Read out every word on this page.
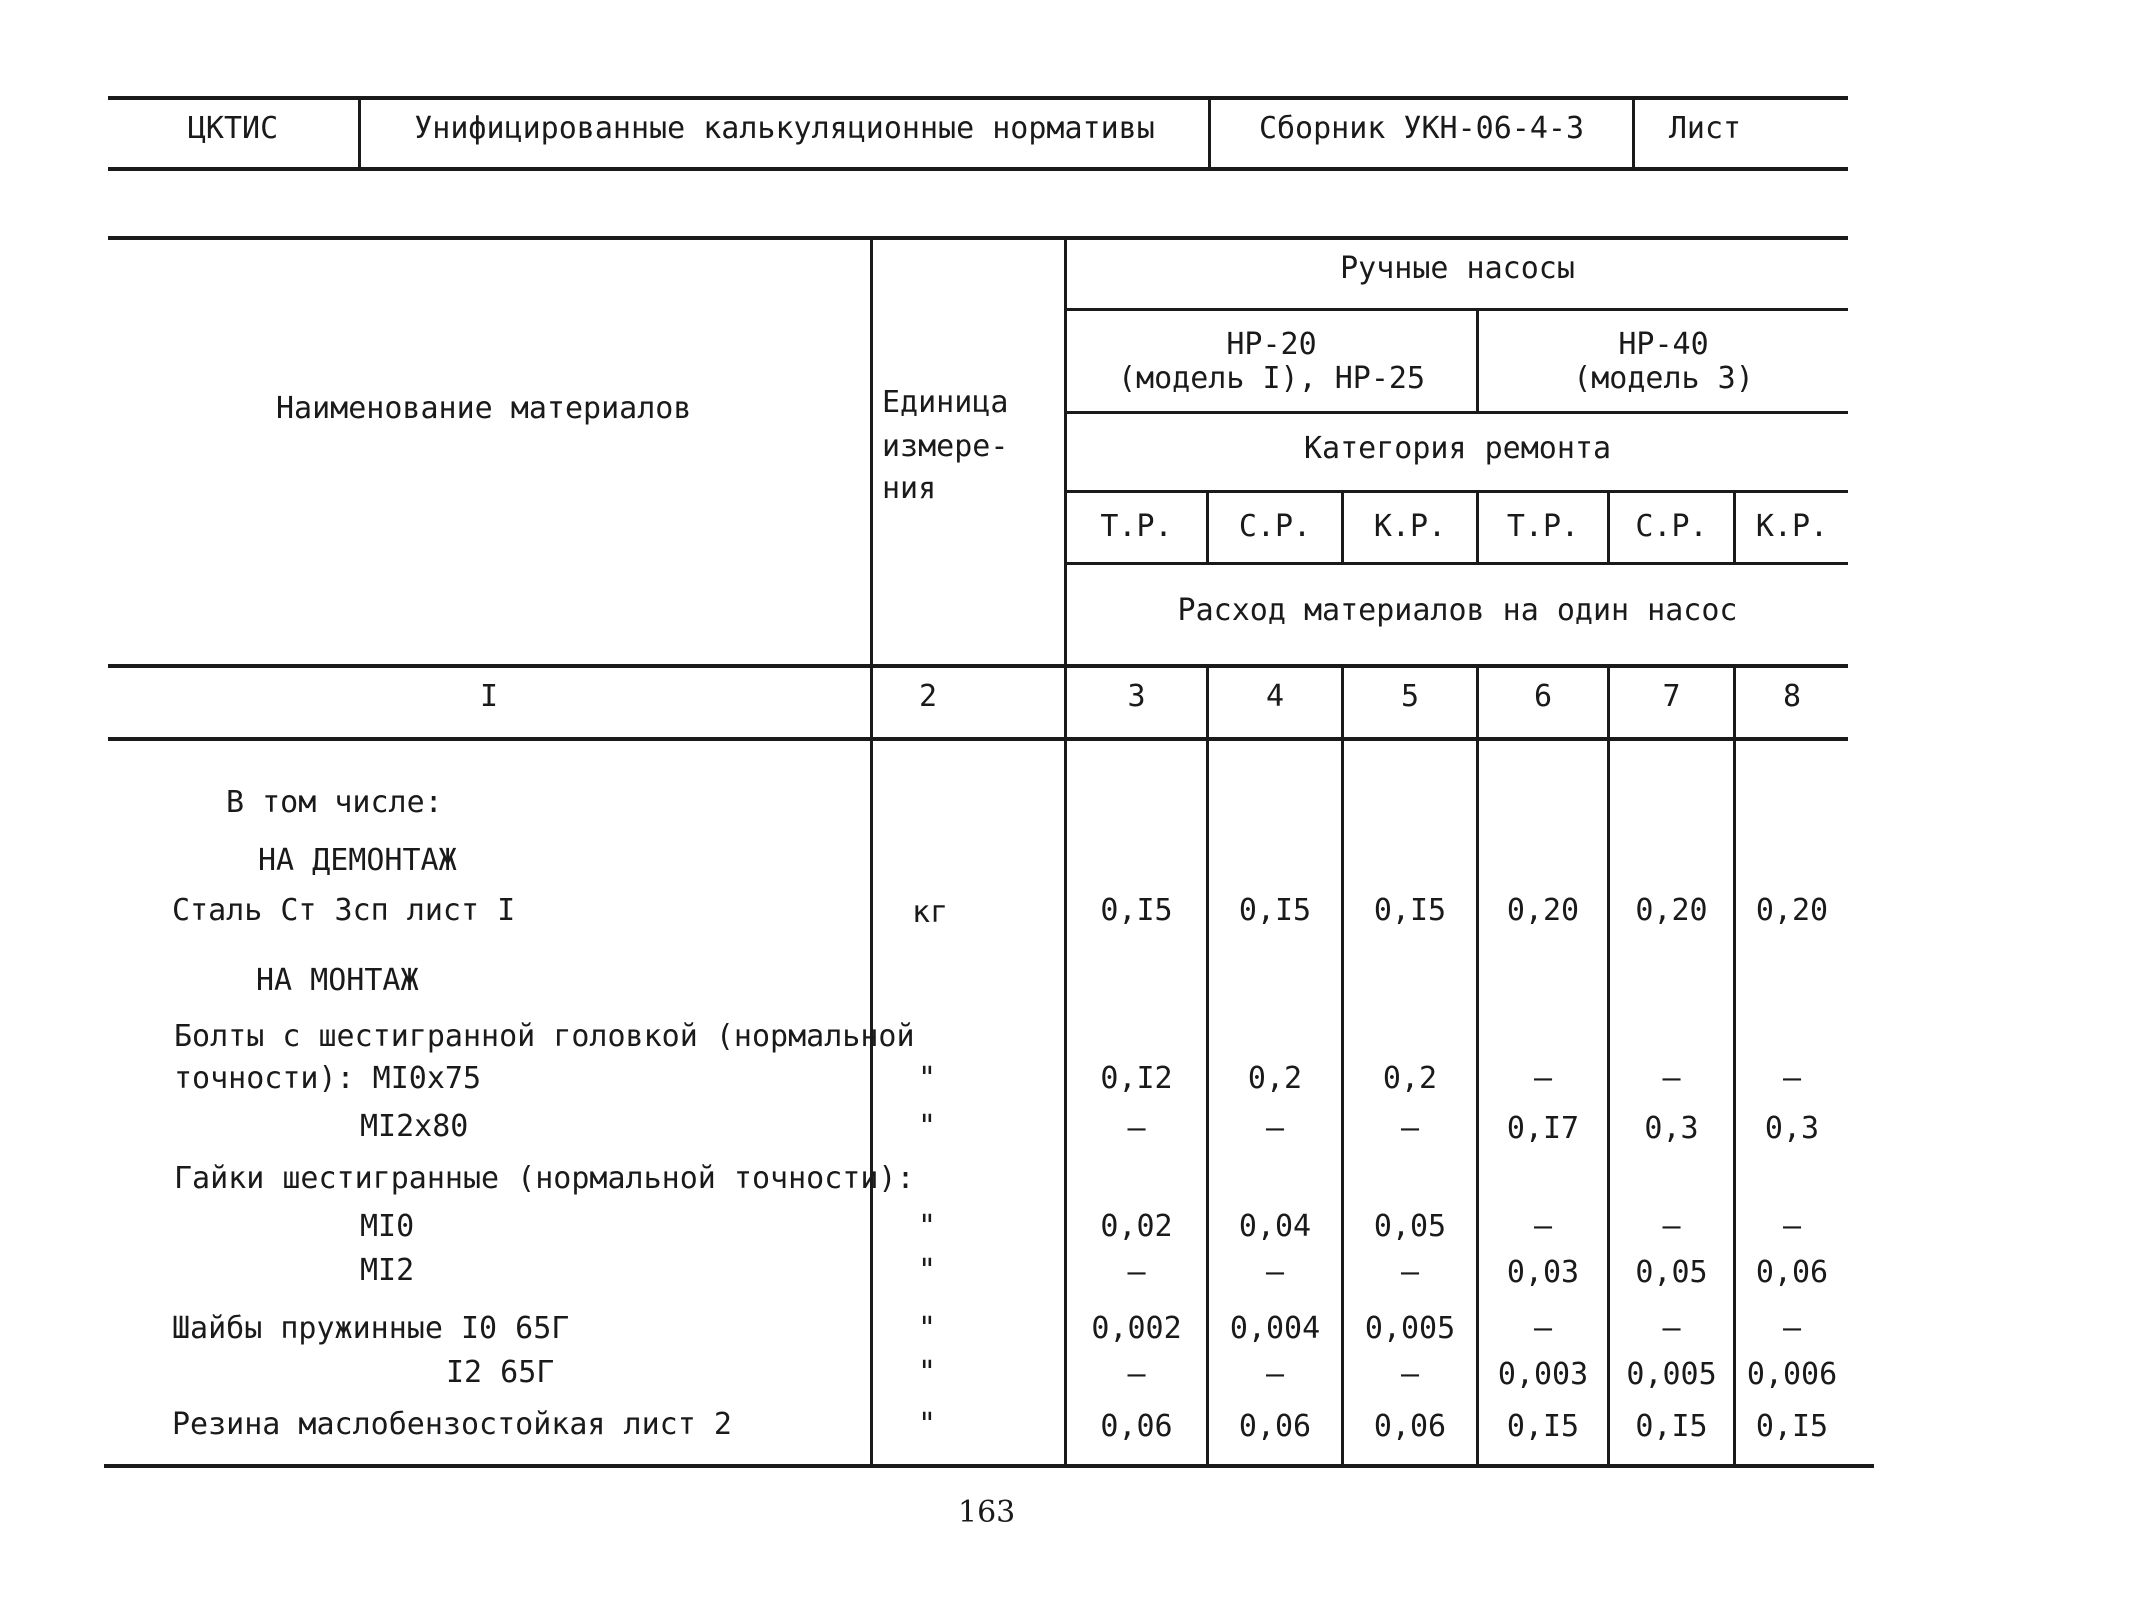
ЦКТИС	Унифицированные калькуляционные нормативы	Сборник УКН-06-4-3	Лист
Наименование материалов	Единица
измере-
ния
Ручные насосы
НР-20
(модель I), НР-25
НР-40
(модель 3)
Категория ремонта
Т.Р.	С.Р.	К.Р.	Т.Р.	С.Р.	К.Р.
Расход материалов на один насос
I	2	3	4	5	6	7	8
В том числе:
НА ДЕМОНТАЖ
Сталь Ст 3сп лист I	кг	0,I5	0,I5	0,I5	0,20	0,20	0,20
НА МОНТАЖ
Болты с шестигранной головкой (нормальной
точности): МI0x75	"	0,I2	0,2	0,2	–	–	–
МI2x80	"	–	–	–	0,I7	0,3	0,3
Гайки шестигранные (нормальной точности):
МI0	"	0,02	0,04	0,05	–	–	–
МI2	"	–	–	–	0,03	0,05	0,06
Шайбы пружинные I0 65Г	"	0,002	0,004	0,005	–	–	–
I2 65Г	"	–	–	–	0,003	0,005	0,006
Резина маслобензостойкая лист 2	"	0,06	0,06	0,06	0,I5	0,I5	0,I5
163
